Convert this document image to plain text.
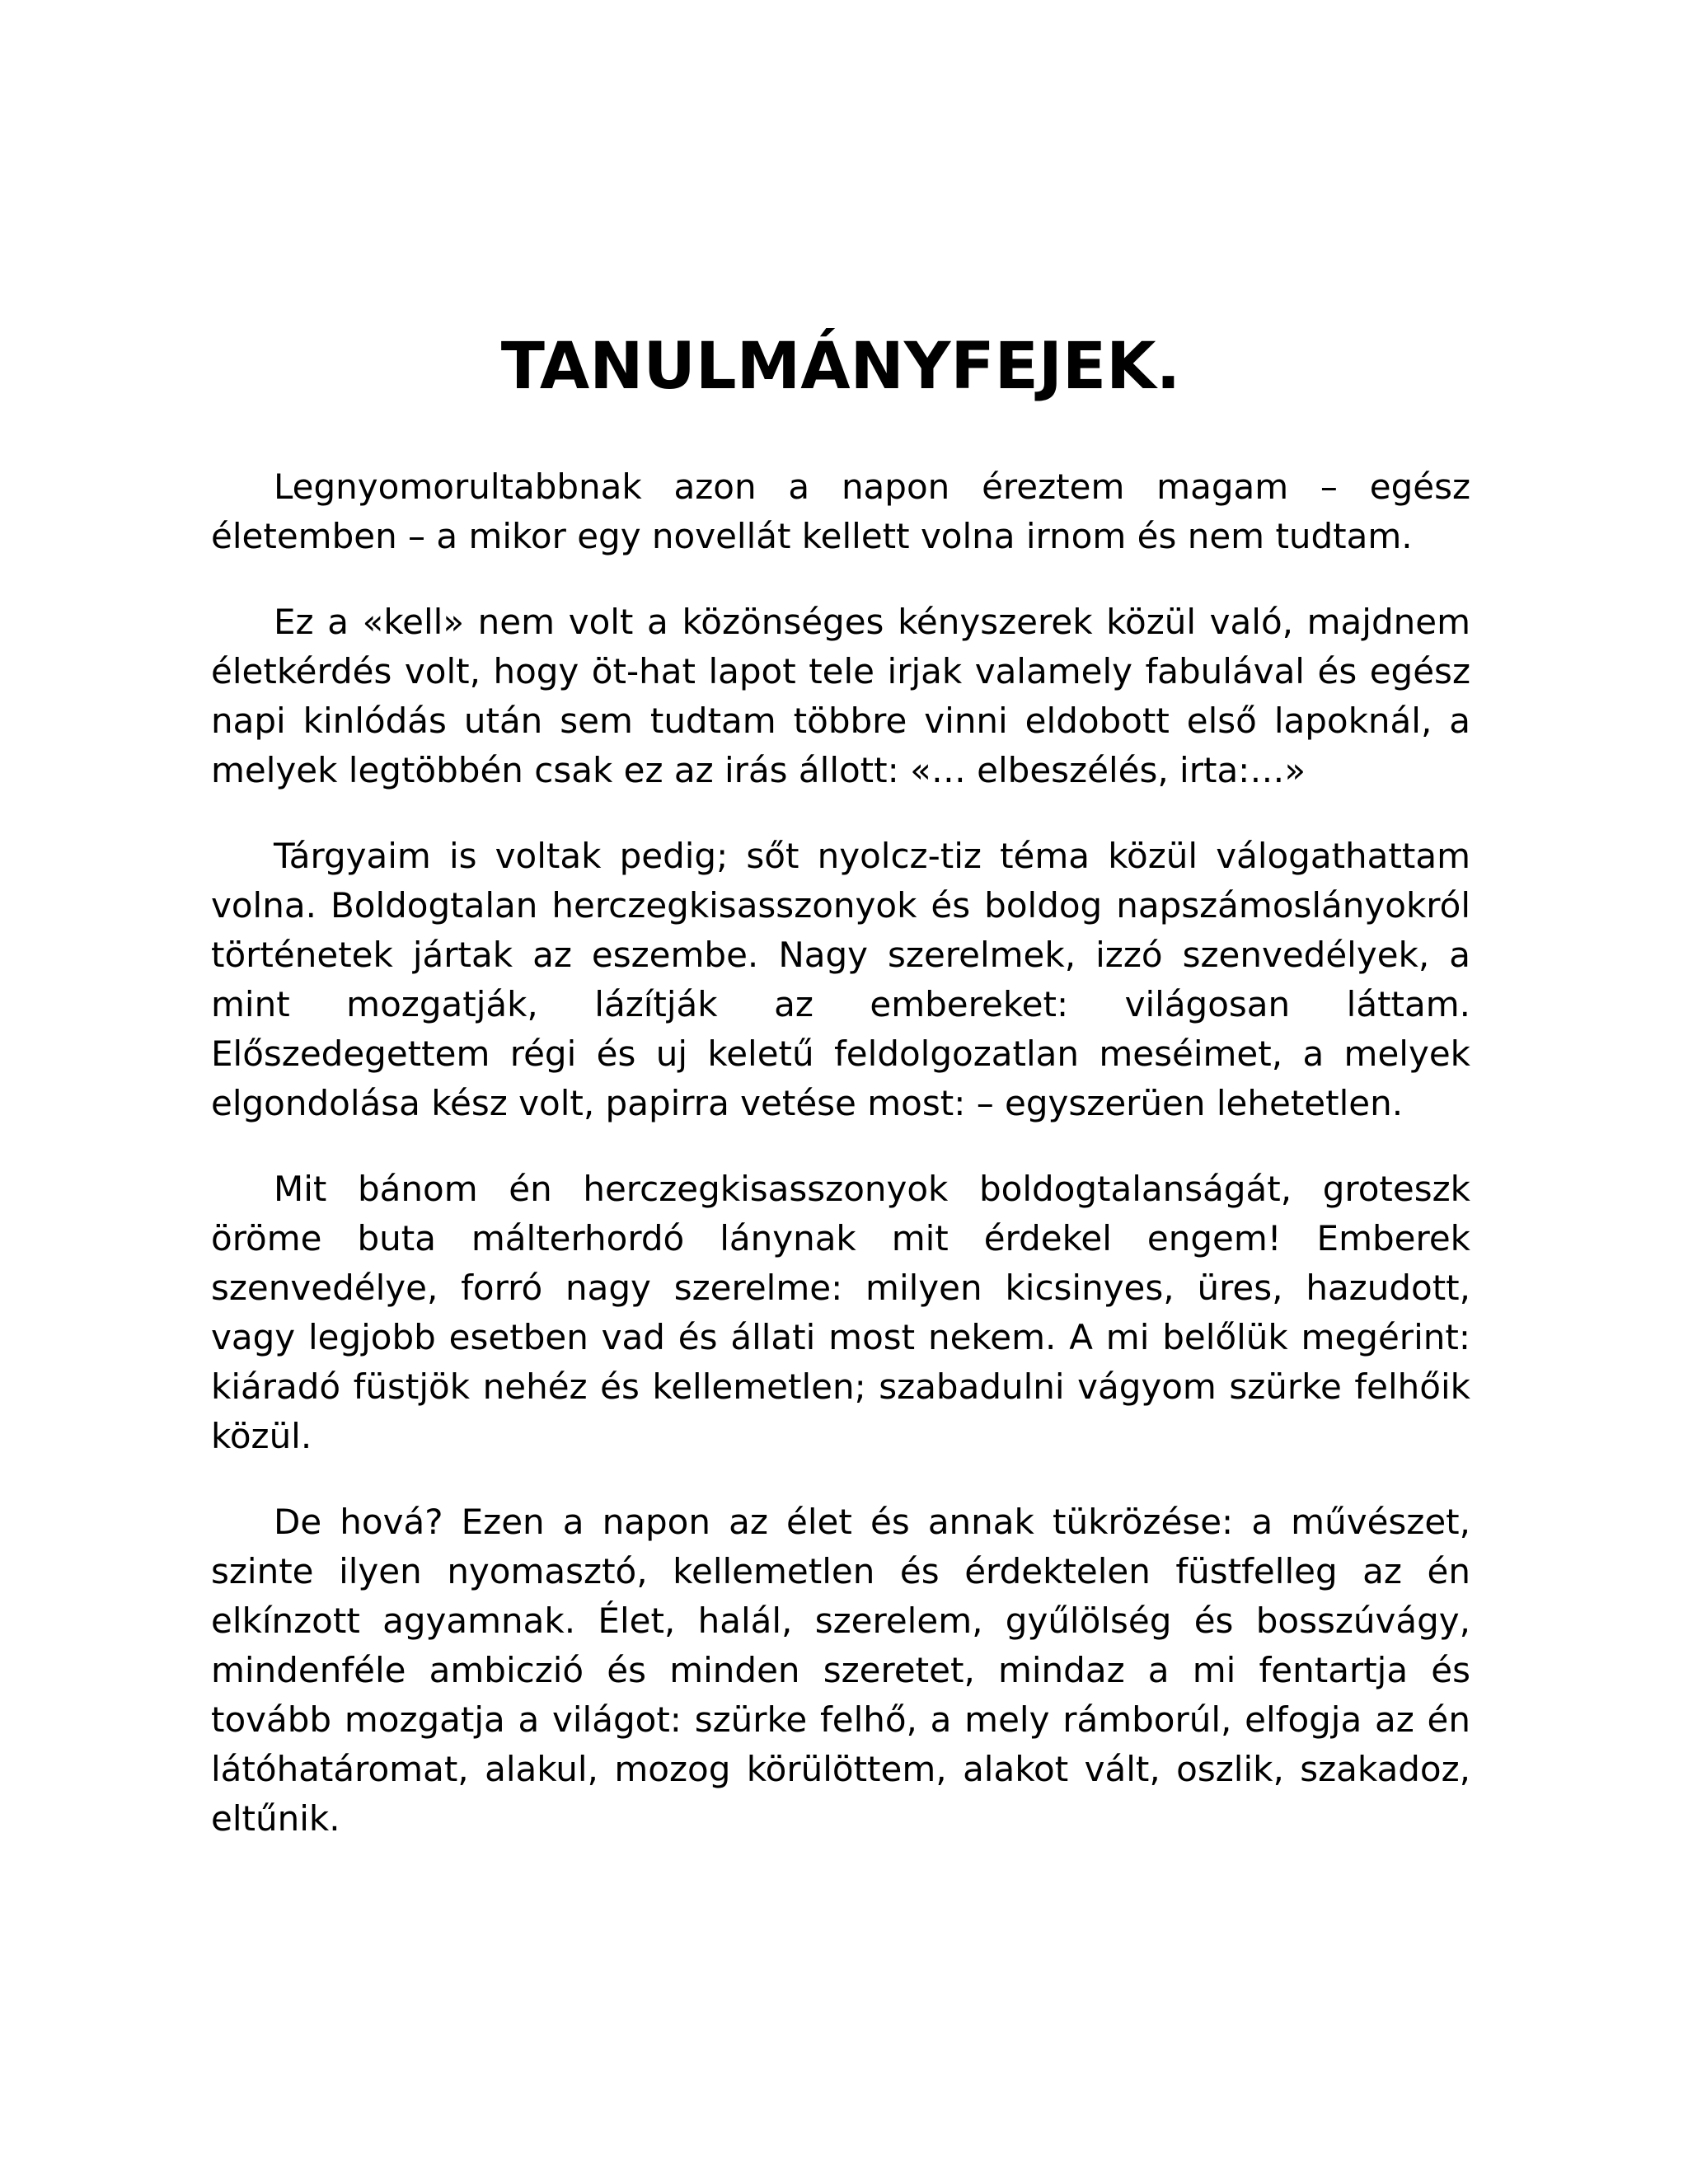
TANULMÁNYFEJEK.

Legnyomorultabbnak azon a napon éreztem magam – egész életemben – a mikor egy novellát kellett volna irnom és nem tudtam.

Ez a «kell» nem volt a közönséges kényszerek közül való, majdnem életkérdés volt, hogy öt-hat lapot tele irjak valamely fabulával és egész napi kinlódás után sem tudtam többre vinni eldobott első lapoknál, a melyek legtöbbén csak ez az irás állott: «… elbeszélés, irta:…»

Tárgyaim is voltak pedig; sőt nyolcz-tiz téma közül válogathattam volna. Boldogtalan herczegkisasszonyok és boldog napszámoslányokról történetek jártak az eszembe. Nagy szerelmek, izzó szenvedélyek, a mint mozgatják, lázítják az embereket: világosan láttam. Előszedegettem régi és uj keletű feldolgozatlan meséimet, a melyek elgondolása kész volt, papirra vetése most: – egyszerüen lehetetlen.

Mit bánom én herczegkisasszonyok boldogtalanságát, groteszk öröme buta málterhordó lánynak mit érdekel engem! Emberek szenvedélye, forró nagy szerelme: milyen kicsinyes, üres, hazudott, vagy legjobb esetben vad és állati most nekem. A mi belőlük megérint: kiáradó füstjök nehéz és kellemetlen; szabadulni vágyom szürke felhőik közül.

De hová? Ezen a napon az élet és annak tükrözése: a művészet, szinte ilyen nyomasztó, kellemetlen és érdektelen füstfelleg az én elkínzott agyamnak. Élet, halál, szerelem, gyűlölség és bosszúvágy, mindenféle ambiczió és minden szeretet, mindaz a mi fentartja és tovább mozgatja a világot: szürke felhő, a mely rámborúl, elfogja az én látóhatáromat, alakul, mozog körülöttem, alakot vált, oszlik, szakadoz, eltűnik.
